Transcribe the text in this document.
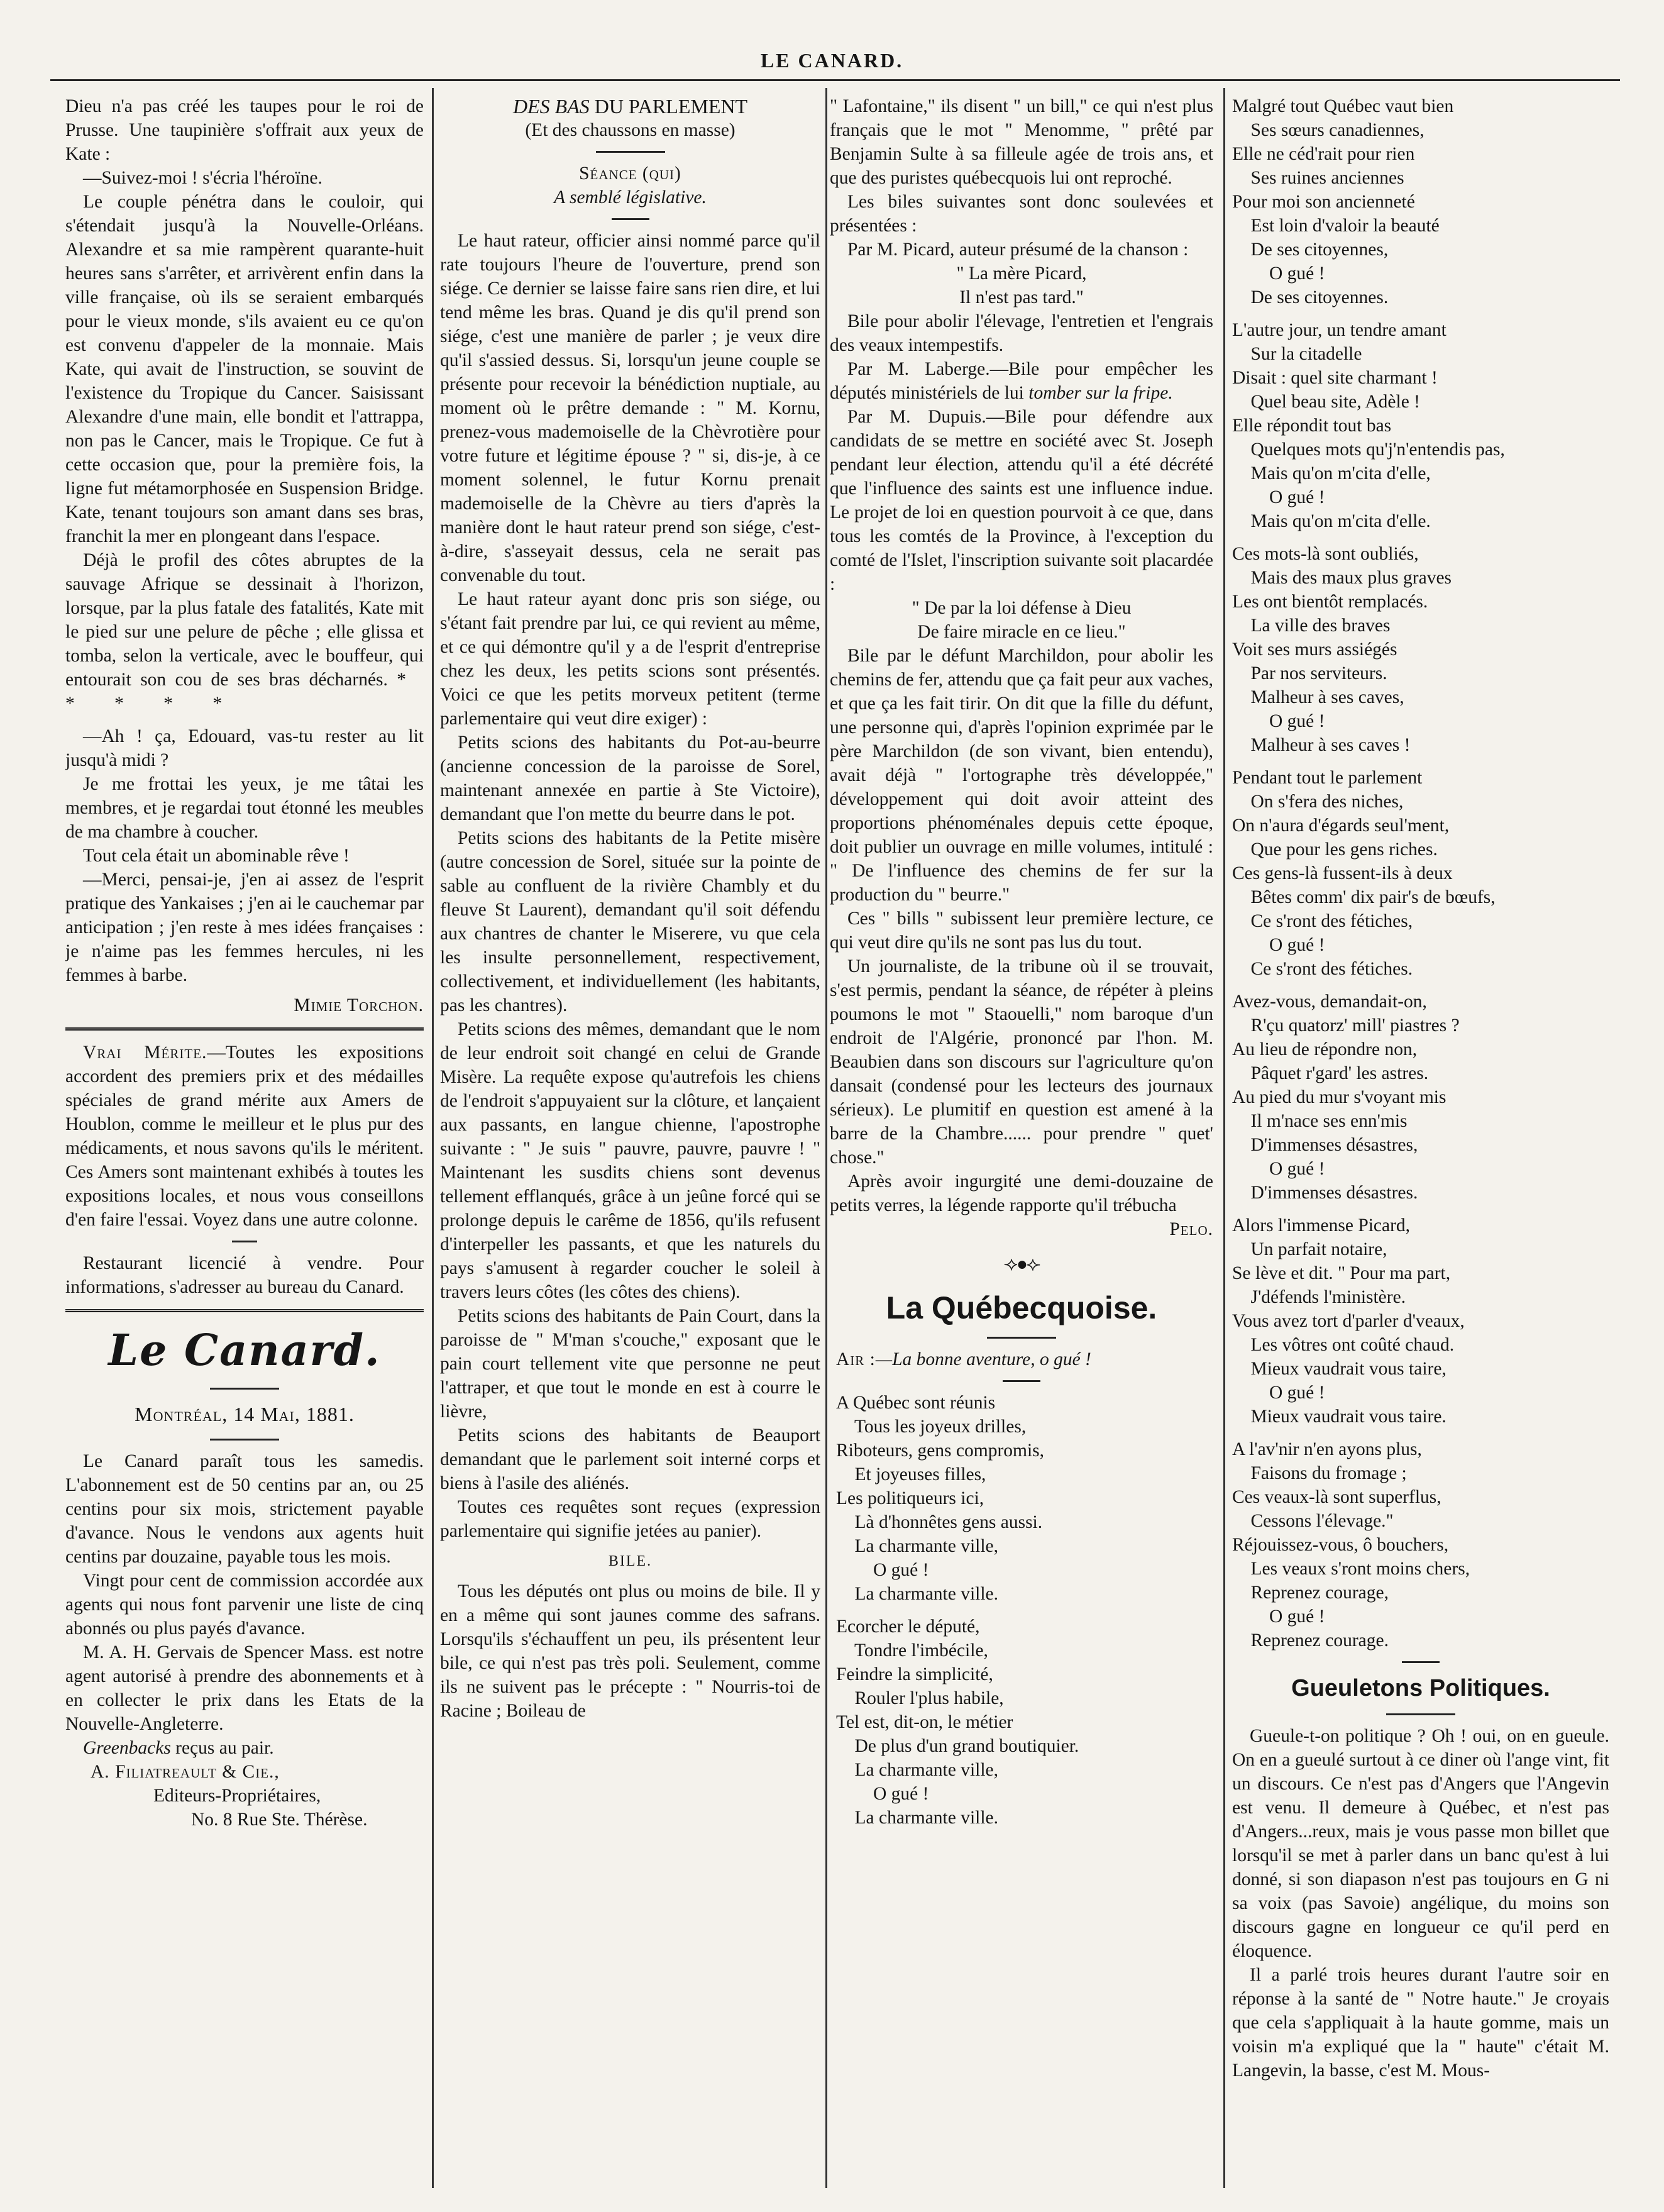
LE CANARD.

Dieu n'a pas créé les taupes pour le roi de Prusse. Une taupinière s'offrait aux yeux de Kate :

—Suivez-moi ! s'écria l'héroïne.

Le couple pénétra dans le couloir, qui s'étendait jusqu'à la Nouvelle-Orléans. Alexandre et sa mie rampèrent quarante-huit heures sans s'arrêter, et arrivèrent enfin dans la ville française, où ils se seraient embarqués pour le vieux monde, s'ils avaient eu ce qu'on est convenu d'appeler de la monnaie. Mais Kate, qui avait de l'instruction, se souvint de l'existence du Tropique du Cancer. Saisissant Alexandre d'une main, elle bondit et l'attrappa, non pas le Cancer, mais le Tropique. Ce fut à cette occasion que, pour la première fois, la ligne fut métamorphosée en Suspension Bridge. Kate, tenant toujours son amant dans ses bras, franchit la mer en plongeant dans l'espace.

Déjà le profil des côtes abruptes de la sauvage Afrique se dessinait à l'horizon, lorsque, par la plus fatale des fatalités, Kate mit le pied sur une pelure de pêche ; elle glissa et tomba, selon la verticale, avec le bouffeur, qui entourait son cou de ses bras décharnés. * * * * *

—Ah ! ça, Edouard, vas-tu rester au lit jusqu'à midi ?

Je me frottai les yeux, je me tâtai les membres, et je regardai tout étonné les meubles de ma chambre à coucher.

Tout cela était un abominable rêve !

—Merci, pensai-je, j'en ai assez de l'esprit pratique des Yankaises ; j'en ai le cauchemar par anticipation ; j'en reste à mes idées françaises : je n'aime pas les femmes hercules, ni les femmes à barbe.

Mimie Torchon.

Vrai Mérite.—Toutes les expositions accordent des premiers prix et des médailles spéciales de grand mérite aux Amers de Houblon, comme le meilleur et le plus pur des médicaments, et nous savons qu'ils le méritent. Ces Amers sont maintenant exhibés à toutes les expositions locales, et nous vous conseillons d'en faire l'essai. Voyez dans une autre colonne.

Restaurant licencié à vendre. Pour informations, s'adresser au bureau du Canard.

Le Canard.

Montréal, 14 Mai, 1881.

Le Canard paraît tous les samedis. L'abonnement est de 50 centins par an, ou 25 centins pour six mois, strictement payable d'avance. Nous le vendons aux agents huit centins par douzaine, payable tous les mois.

Vingt pour cent de commission accordée aux agents qui nous font parvenir une liste de cinq abonnés ou plus payés d'avance.

M. A. H. Gervais de Spencer Mass. est notre agent autorisé à prendre des abonnements et à en collecter le prix dans les Etats de la Nouvelle-Angleterre.

Greenbacks reçus au pair.

A. Filiatreault & Cie.,

Editeurs-Propriétaires,

No. 8 Rue Ste. Thérèse.

DES BAS DU PARLEMENT

(Et des chaussons en masse)

Séance (qui)

A semblé législative.

Le haut rateur, officier ainsi nommé parce qu'il rate toujours l'heure de l'ouverture, prend son siége. Ce dernier se laisse faire sans rien dire, et lui tend même les bras. Quand je dis qu'il prend son siége, c'est une manière de parler ; je veux dire qu'il s'assied dessus. Si, lorsqu'un jeune couple se présente pour recevoir la bénédiction nuptiale, au moment où le prêtre demande : " M. Kornu, prenez-vous mademoiselle de la Chèvrotière pour votre future et légitime épouse ? " si, dis-je, à ce moment solennel, le futur Kornu prenait mademoiselle de la Chèvre au tiers d'après la manière dont le haut rateur prend son siége, c'est-à-dire, s'asseyait dessus, cela ne serait pas convenable du tout.

Le haut rateur ayant donc pris son siége, ou s'étant fait prendre par lui, ce qui revient au même, et ce qui démontre qu'il y a de l'esprit d'entreprise chez les deux, les petits scions sont présentés. Voici ce que les petits morveux petitent (terme parlementaire qui veut dire exiger) :

Petits scions des habitants du Pot-au-beurre (ancienne concession de la paroisse de Sorel, maintenant annexée en partie à Ste Victoire), demandant que l'on mette du beurre dans le pot.

Petits scions des habitants de la Petite misère (autre concession de Sorel, située sur la pointe de sable au confluent de la rivière Chambly et du fleuve St Laurent), demandant qu'il soit défendu aux chantres de chanter le Miserere, vu que cela les insulte personnellement, respectivement, collectivement, et individuellement (les habitants, pas les chantres).

Petits scions des mêmes, demandant que le nom de leur endroit soit changé en celui de Grande Misère. La requête expose qu'autrefois les chiens de l'endroit s'appuyaient sur la clôture, et lançaient aux passants, en langue chienne, l'apostrophe suivante : " Je suis " pauvre, pauvre, pauvre ! " Maintenant les susdits chiens sont devenus tellement efflanqués, grâce à un jeûne forcé qui se prolonge depuis le carême de 1856, qu'ils refusent d'interpeller les passants, et que les naturels du pays s'amusent à regarder coucher le soleil à travers leurs côtes (les côtes des chiens).

Petits scions des habitants de Pain Court, dans la paroisse de " M'man s'couche," exposant que le pain court tellement vite que personne ne peut l'attraper, et que tout le monde en est à courre le lièvre,

Petits scions des habitants de Beauport demandant que le parlement soit interné corps et biens à l'asile des aliénés.

Toutes ces requêtes sont reçues (expression parlementaire qui signifie jetées au panier).

BILE.

Tous les députés ont plus ou moins de bile. Il y en a même qui sont jaunes comme des safrans. Lorsqu'ils s'échauffent un peu, ils présentent leur bile, ce qui n'est pas très poli. Seulement, comme ils ne suivent pas le précepte : " Nourris-toi de Racine ; Boileau de

" Lafontaine," ils disent " un bill," ce qui n'est plus français que le mot " Menomme, " prêté par Benjamin Sulte à sa filleule agée de trois ans, et que des puristes québecquois lui ont reproché.

Les biles suivantes sont donc soulevées et présentées :

Par M. Picard, auteur présumé de la chanson :

" La mère Picard,

Il n'est pas tard."

Bile pour abolir l'élevage, l'entretien et l'engrais des veaux intempestifs.

Par M. Laberge.—Bile pour empêcher les députés ministériels de lui tomber sur la fripe.

Par M. Dupuis.—Bile pour défendre aux candidats de se mettre en société avec St. Joseph pendant leur élection, attendu qu'il a été décrété que l'influence des saints est une influence indue. Le projet de loi en question pourvoit à ce que, dans tous les comtés de la Province, à l'exception du comté de l'Islet, l'inscription suivante soit placardée :

" De par la loi défense à Dieu

De faire miracle en ce lieu."

Bile par le défunt Marchildon, pour abolir les chemins de fer, attendu que ça fait peur aux vaches, et que ça les fait tirir. On dit que la fille du défunt, une personne qui, d'après l'opinion exprimée par le père Marchildon (de son vivant, bien entendu), avait déjà " l'ortographe très développée," développement qui doit avoir atteint des proportions phénoménales depuis cette époque, doit publier un ouvrage en mille volumes, intitulé : " De l'influence des chemins de fer sur la production du " beurre."

Ces " bills " subissent leur première lecture, ce qui veut dire qu'ils ne sont pas lus du tout.

Un journaliste, de la tribune où il se trouvait, s'est permis, pendant la séance, de répéter à pleins poumons le mot " Staouelli," nom baroque d'un endroit de l'Algérie, prononcé par l'hon. M. Beaubien dans son discours sur l'agriculture qu'on dansait (condensé pour les lecteurs des journaux sérieux). Le plumitif en question est amené à la barre de la Chambre...... pour prendre " quet' chose."

Après avoir ingurgité une demi-douzaine de petits verres, la légende rapporte qu'il trébucha

Pelo.

⟢●⟣
La Québecquoise.

Air :—La bonne aventure, o gué !

A Québec sont réunis
Tous les joyeux drilles,
Riboteurs, gens compromis,
Et joyeuses filles,
Les politiqueurs ici,
Là d'honnêtes gens aussi.
La charmante ville,
O gué !
La charmante ville.
Ecorcher le député,
Tondre l'imbécile,
Feindre la simplicité,
Rouler l'plus habile,
Tel est, dit-on, le métier
De plus d'un grand boutiquier.
La charmante ville,
O gué !
La charmante ville.
Malgré tout Québec vaut bien
Ses sœurs canadiennes,
Elle ne céd'rait pour rien
Ses ruines anciennes
Pour moi son ancienneté
Est loin d'valoir la beauté
De ses citoyennes,
O gué !
De ses citoyennes.
L'autre jour, un tendre amant
Sur la citadelle
Disait : quel site charmant !
Quel beau site, Adèle !
Elle répondit tout bas
Quelques mots qu'j'n'entendis pas,
Mais qu'on m'cita d'elle,
O gué !
Mais qu'on m'cita d'elle.
Ces mots-là sont oubliés,
Mais des maux plus graves
Les ont bientôt remplacés.
La ville des braves
Voit ses murs assiégés
Par nos serviteurs.
Malheur à ses caves,
O gué !
Malheur à ses caves !
Pendant tout le parlement
On s'fera des niches,
On n'aura d'égards seul'ment,
Que pour les gens riches.
Ces gens-là fussent-ils à deux
Bêtes comm' dix pair's de bœufs,
Ce s'ront des fétiches,
O gué !
Ce s'ront des fétiches.
Avez-vous, demandait-on,
R'çu quatorz' mill' piastres ?
Au lieu de répondre non,
Pâquet r'gard' les astres.
Au pied du mur s'voyant mis
Il m'nace ses enn'mis
D'immenses désastres,
O gué !
D'immenses désastres.
Alors l'immense Picard,
Un parfait notaire,
Se lève et dit. " Pour ma part,
J'défends l'ministère.
Vous avez tort d'parler d'veaux,
Les vôtres ont coûté chaud.
Mieux vaudrait vous taire,
O gué !
Mieux vaudrait vous taire.
A l'av'nir n'en ayons plus,
Faisons du fromage ;
Ces veaux-là sont superflus,
Cessons l'élevage."
Réjouissez-vous, ô bouchers,
Les veaux s'ront moins chers,
Reprenez courage,
O gué !
Reprenez courage.
Gueuletons Politiques.

Gueule-t-on politique ? Oh ! oui, on en gueule. On en a gueulé surtout à ce diner où l'ange vint, fit un discours. Ce n'est pas d'Angers que l'Angevin est venu. Il demeure à Québec, et n'est pas d'Angers...reux, mais je vous passe mon billet que lorsqu'il se met à parler dans un banc qu'est à lui donné, si son diapason n'est pas toujours en G ni sa voix (pas Savoie) angélique, du moins son discours gagne en longueur ce qu'il perd en éloquence.

Il a parlé trois heures durant l'autre soir en réponse à la santé de " Notre haute." Je croyais que cela s'appliquait à la haute gomme, mais un voisin m'a expliqué que la " haute" c'était M. Langevin, la basse, c'est M. Mous-
